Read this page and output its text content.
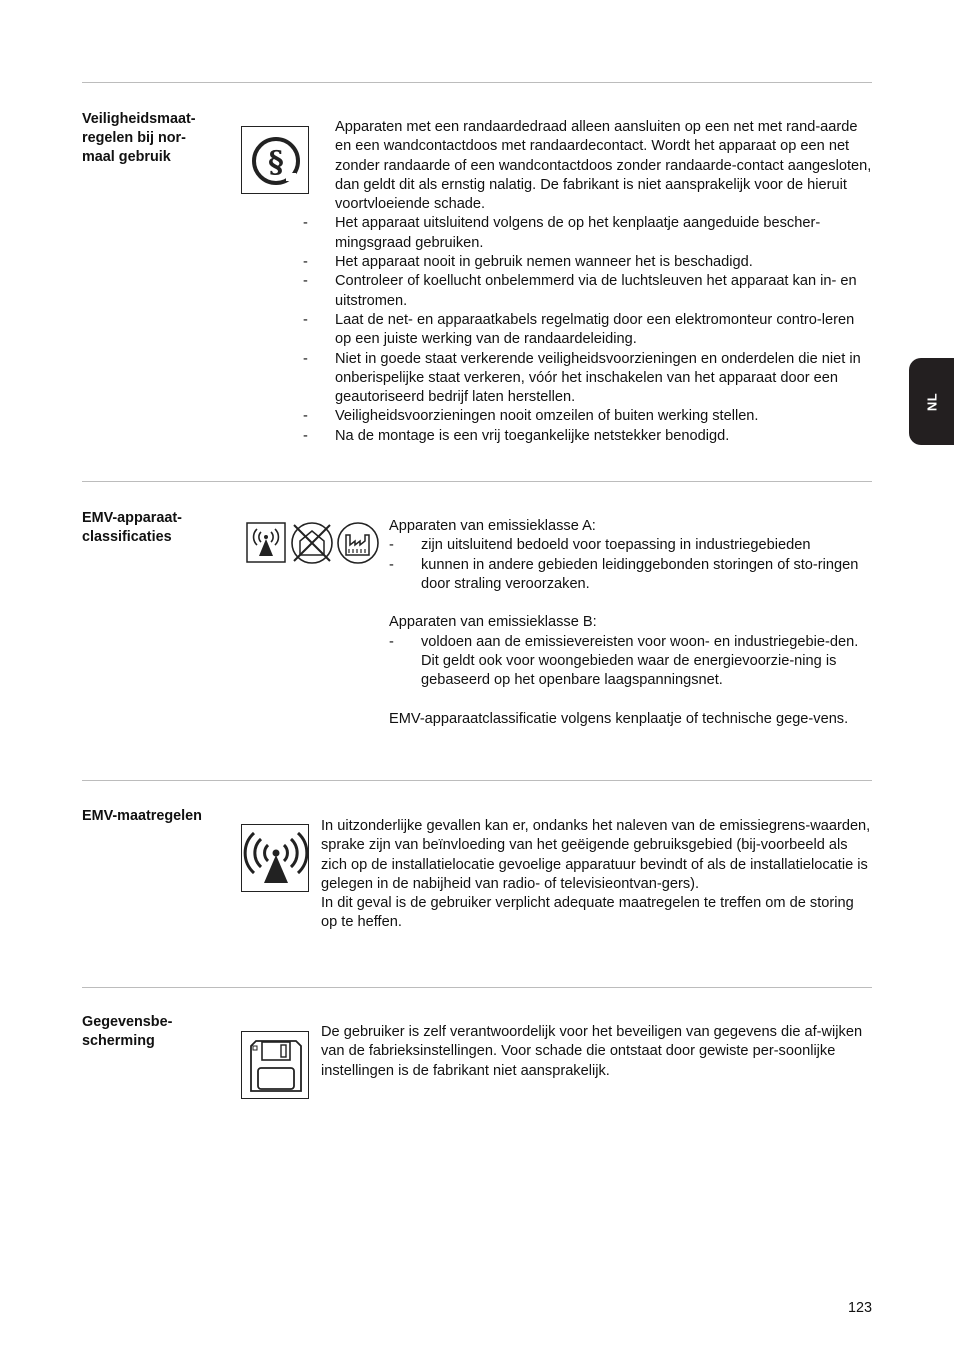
Veiligheidsmaat-
regelen bij nor-
maal gebruik	§

Apparaten met een randaardedraad alleen aansluiten op een net met rand-aarde en een wandcontactdoos met randaardecontact. Wordt het apparaat op een net zonder randaarde of een wandcontactdoos zonder randaarde-contact aangesloten, dan geldt dit als ernstig nalatig. De fabrikant is niet aansprakelijk voor de hieruit voortvloeiende schade.

- Het apparaat uitsluitend volgens de op het kenplaatje aangeduide bescher-mingsgraad gebruiken.
- Het apparaat nooit in gebruik nemen wanneer het is beschadigd.
- Controleer of koellucht onbelemmerd via de luchtsleuven het apparaat kan in- en uitstromen.
- Laat de net- en apparaatkabels regelmatig door een elektromonteur contro-leren op een juiste werking van de randaardeleiding.
- Niet in goede staat verkerende veiligheidsvoorzieningen en onderdelen die niet in onberispelijke staat verkeren, vóór het inschakelen van het apparaat door een geautoriseerd bedrijf laten herstellen.
- Veiligheidsvoorzieningen nooit omzeilen of buiten werking stellen.
- Na de montage is een vrij toegankelijke netstekker benodigd.
EMV-apparaat-
classificaties

Apparaten van emissieklasse A:

- zijn uitsluitend bedoeld voor toepassing in industriegebieden
- kunnen in andere gebieden leidinggebonden storingen of sto-ringen door straling veroorzaken.

Apparaten van emissieklasse B:

- voldoen aan de emissievereisten voor woon- en industriegebie-den. Dit geldt ook voor woongebieden waar de energievoorzie-ning is gebaseerd op het openbare laagspanningsnet.

EMV-apparaatclassificatie volgens kenplaatje of technische gege-vens.

EMV-maatregelen

In uitzonderlijke gevallen kan er, ondanks het naleven van de emissiegrens-waarden, sprake zijn van beïnvloeding van het geëigende gebruiksgebied (bij-voorbeeld als zich op de installatielocatie gevoelige apparatuur bevindt of als de installatielocatie is gelegen in de nabijheid van radio- of televisieontvan-gers).

In dit geval is de gebruiker verplicht adequate maatregelen te treffen om de storing op te heffen.

Gegevensbe-
scherming

De gebruiker is zelf verantwoordelijk voor het beveiligen van gegevens die af-wijken van de fabrieksinstellingen. Voor schade die ontstaat door gewiste per-soonlijke instellingen is de fabrikant niet aansprakelijk.

NL
123
